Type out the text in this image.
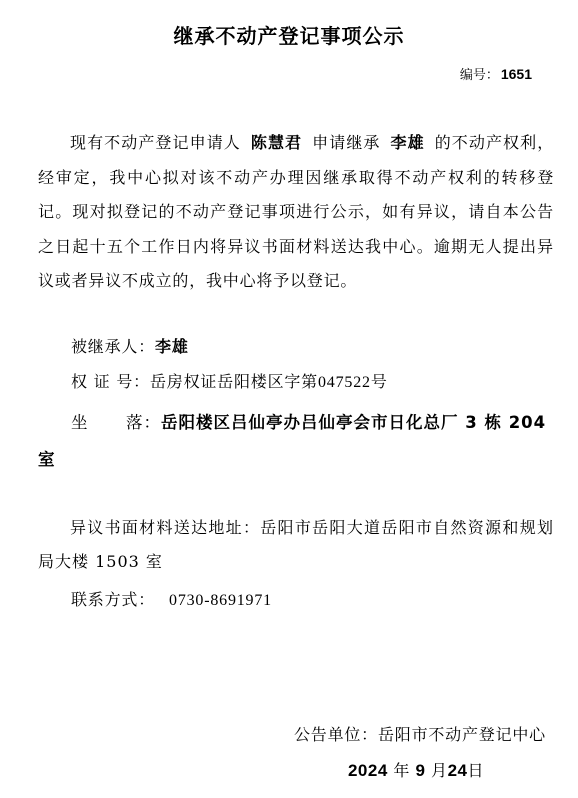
继承不动产登记事项公示
编号： 1651
现有不动产登记申请人 陈慧君 申请继承 李雄 的不动产权利，经审定，我中心拟对该不动产办理因继承取得不动产权利的转移登记。现对拟登记的不动产登记事项进行公示，如有异议，请自本公告之日起十五个工作日内将异议书面材料送达我中心。逾期无人提出异议或者异议不成立的，我中心将予以登记。
被继承人：李雄
权 证 号：岳房权证岳阳楼区字第047522号
坐      落：岳阳楼区吕仙亭办吕仙亭会市日化总厂 3 栋 204 室
异议书面材料送达地址：岳阳市岳阳大道岳阳市自然资源和规划局大楼 1503 室
联系方式： 0730-8691971
公告单位：岳阳市不动产登记中心
2024 年 9 月24日
